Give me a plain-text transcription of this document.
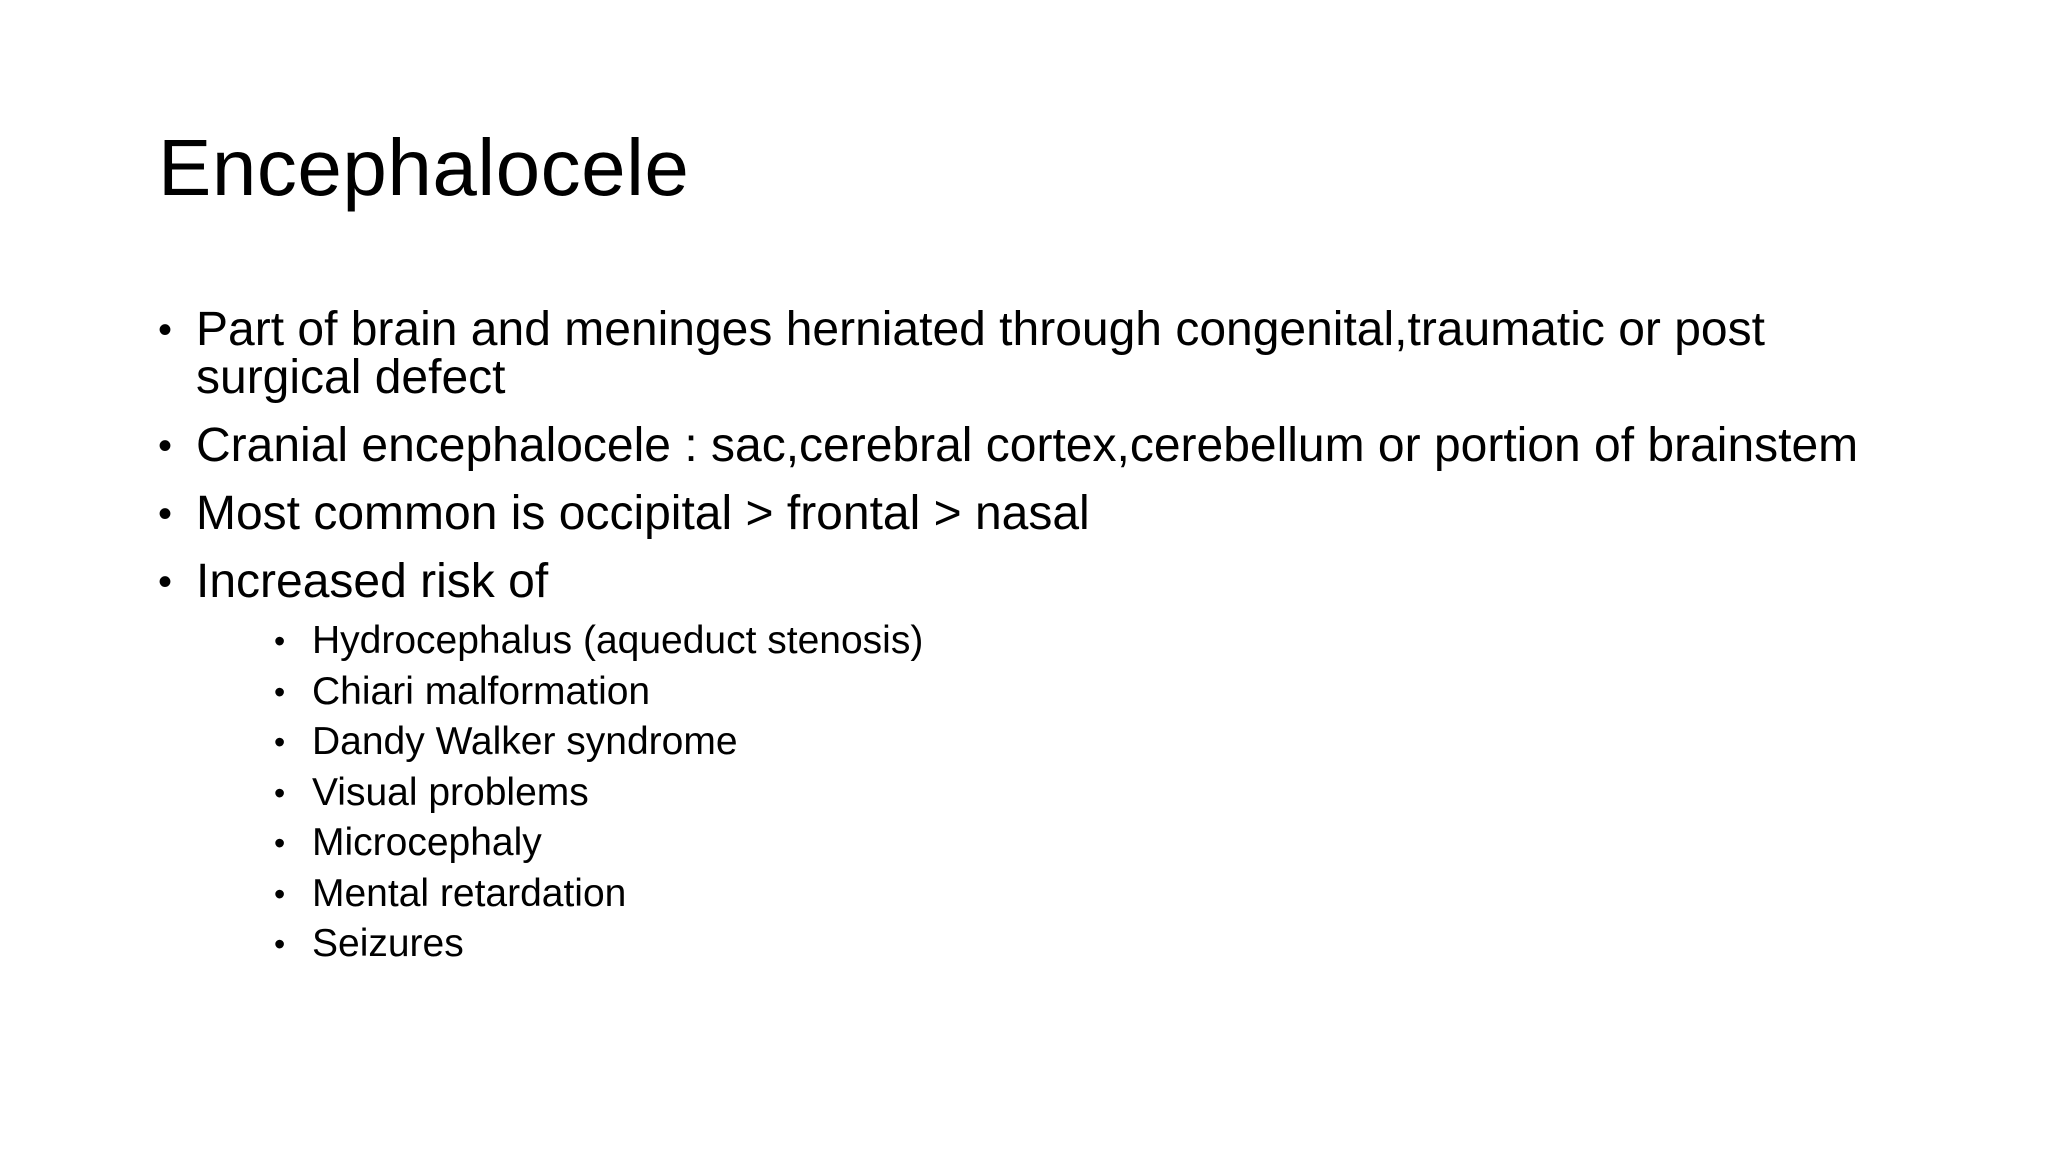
Encephalocele
• Part of brain and meninges herniated through congenital,traumatic or post surgical defect
• Cranial encephalocele : sac,cerebral cortex,cerebellum or portion of brainstem
• Most common is occipital > frontal > nasal
• Increased risk of
• Hydrocephalus (aqueduct stenosis)
• Chiari malformation
• Dandy Walker syndrome
• Visual problems
• Microcephaly
• Mental retardation
• Seizures
